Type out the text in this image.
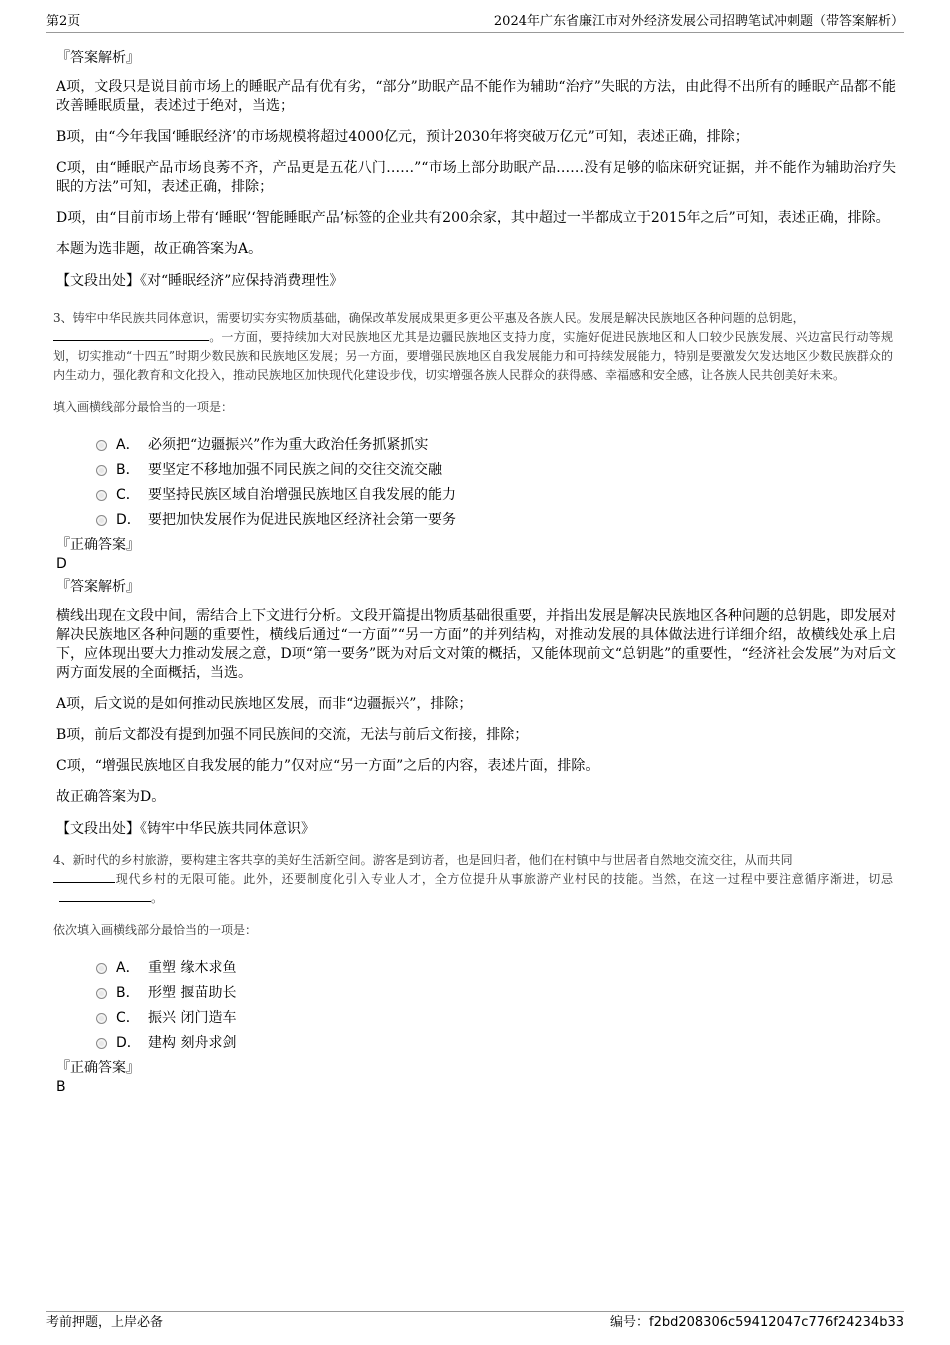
第2页	2024年广东省廉江市对外经济发展公司招聘笔试冲刺题（带答案解析）
『答案解析』

A项，文段只是说目前市场上的睡眠产品有优有劣，“部分”助眠产品不能作为辅助“治疗”失眠的方法，由此得不出所有的睡眠产品都不能改善睡眠质量，表述过于绝对，当选；

B项，由“今年我国‘睡眠经济’的市场规模将超过4000亿元，预计2030年将突破万亿元”可知，表述正确，排除；

C项，由“睡眠产品市场良莠不齐，产品更是五花八门……”“市场上部分助眠产品……没有足够的临床研究证据，并不能作为辅助治疗失眠的方法”可知，表述正确，排除；

D项，由“目前市场上带有‘睡眠’‘智能睡眠产品’标签的企业共有200余家，其中超过一半都成立于2015年之后”可知，表述正确，排除。

本题为选非题，故正确答案为A。

【文段出处】《对“睡眠经济”应保持消费理性》

3、铸牢中华民族共同体意识，需要切实夯实物质基础，确保改革发展成果更多更公平惠及各族人民。发展是解决民族地区各种问题的总钥匙，
。一方面，要持续加大对民族地区尤其是边疆民族地区支持力度，实施好促进民族地区和人口较少民族发展、兴边富民行动等规划，切实推动“十四五”时期少数民族和民族地区发展；另一方面，要增强民族地区自我发展能力和可持续发展能力，特别是要激发欠发达地区少数民族群众的内生动力，强化教育和文化投入，推动民族地区加快现代化建设步伐，切实增强各族人民群众的获得感、幸福感和安全感，让各族人民共创美好未来。

填入画横线部分最恰当的一项是：
A． 必须把“边疆振兴”作为重大政治任务抓紧抓实
B． 要坚定不移地加强不同民族之间的交往交流交融
C． 要坚持民族区域自治增强民族地区自我发展的能力
D． 要把加快发展作为促进民族地区经济社会第一要务
『正确答案』
D
『答案解析』

横线出现在文段中间，需结合上下文进行分析。文段开篇提出物质基础很重要，并指出发展是解决民族地区各种问题的总钥匙，即发展对解决民族地区各种问题的重要性，横线后通过“一方面”“另一方面”的并列结构，对推动发展的具体做法进行详细介绍，故横线处承上启下，应体现出要大力推动发展之意，D项“第一要务”既为对后文对策的概括，又能体现前文“总钥匙”的重要性，“经济社会发展”为对后文两方面发展的全面概括，当选。

A项，后文说的是如何推动民族地区发展，而非“边疆振兴”，排除；

B项，前后文都没有提到加强不同民族间的交流，无法与前后文衔接，排除；

C项，“增强民族地区自我发展的能力”仅对应“另一方面”之后的内容，表述片面，排除。

故正确答案为D。

【文段出处】《铸牢中华民族共同体意识》

4、新时代的乡村旅游，要构建主客共享的美好生活新空间。游客是到访者，也是回归者，他们在村镇中与世居者自然地交流交往，从而共同
现代乡村的无限可能。此外，还要制度化引入专业人才，全方位提升从事旅游产业村民的技能。当然，在这一过程中要注意循序渐进，切忌。

依次填入画横线部分最恰当的一项是：
A． 重塑 缘木求鱼
B． 形塑 揠苗助长
C． 振兴 闭门造车
D． 建构 刻舟求剑
『正确答案』
B
考前押题，上岸必备	编号：f2bd208306c59412047c776f24234b33
